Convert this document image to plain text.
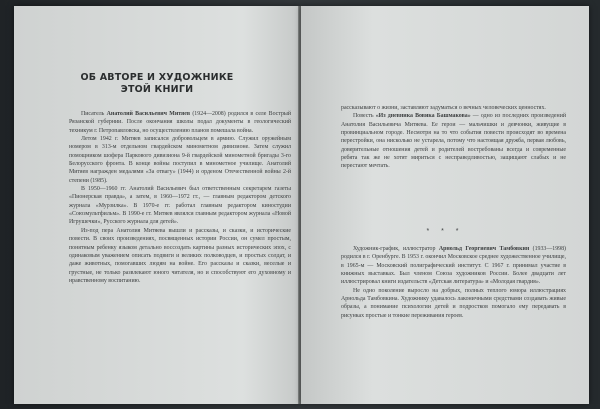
ОБ АВТОРЕ И ХУДОЖНИКЕ
ЭТОЙ КНИГИ

Писатель Анатолий Васильевич Митяев (1924—2008) родился в селе Вострый Рязанской губернии. После окончания школы подал документы в геологический техникум г. Петропавловска, но осуществлению планов помешала война.

Летом 1942 г. Митяев записался добровольцем в армию. Служил оружейным номером в 313-м отдельном гвардейском минометном дивизионе. Затем служил помощником шофера Паркового дивизиона 9-й гвардейской минометной бригады 3-го Белорусского фронта. В конце войны поступил в минометное училище. Анатолий Митяев награжден медалями «За отвагу» (1944) и орденом Отечественной войны 2-й степени (1985).

В 1950—1960 гг. Анатолий Васильевич был ответственным секретарем газеты «Пионерская правда», а затем, в 1960—1972 гг., — главным редактором детского журнала «Мурзилка». В 1970-е гг. работал главным редактором киностудии «Союзмультфильм». В 1990-е гг. Митяев являлся главным редактором журнала «Новой Игрушечки», Русского журнала для детей».

Из-под пера Анатолия Митяева вышли и рассказы, и сказки, и исторические повести. В своих произведениях, посвященных истории России, он сумел простым, понятным ребенку языком детально воссоздать картины разных исторических эпох, с одинаковым уважением описать подвиги и великих полководцев, и простых солдат, и даже животных, помогавших людям на войне. Его рассказы и сказки, веселые и грустные, не только развлекают юного читателя, но и способствуют его духовному и нравственному воспитанию.

рассказывают о жизни, заставляют задуматься о вечных человеческих ценностях.

Повесть «Из дневника Вовика Башмакова» — одно из последних произведений Анатолия Васильевича Митяева. Ее герои — мальчишки и девчонки, живущие в провинциальном городе. Несмотря на то что события повести происходят во времена перестройки, она нисколько не устарела, потому что настоящая дружба, первая любовь, доверительные отношения детей и родителей востребованы всегда и современные ребята так же не хотят мириться с несправедливостью, защищают слабых и не перестают мечтать.

* * *

Художник-график, иллюстратор Арнольд Георгиевич Тамбовкин (1933—1998) родился в г. Оренбурге. В 1953 г. окончил Московское среднее художественное училище, в 1965-м — Московский полиграфический институт. С 1967 г. принимал участие в книжных выставках. Был членом Союза художников России. Более двадцати лет иллюстрировал книги издательств «Детская литература» и «Молодая гвардия».

Не одно поколение выросло на добрых, полных теплого юмора иллюстрациях Арнольда Тамбовкина. Художнику удавалось лаконичными средствами создавать живые образы, а понимание психологии детей и подростков помогало ему передавать в рисунках простые и тонкие переживания героев.
